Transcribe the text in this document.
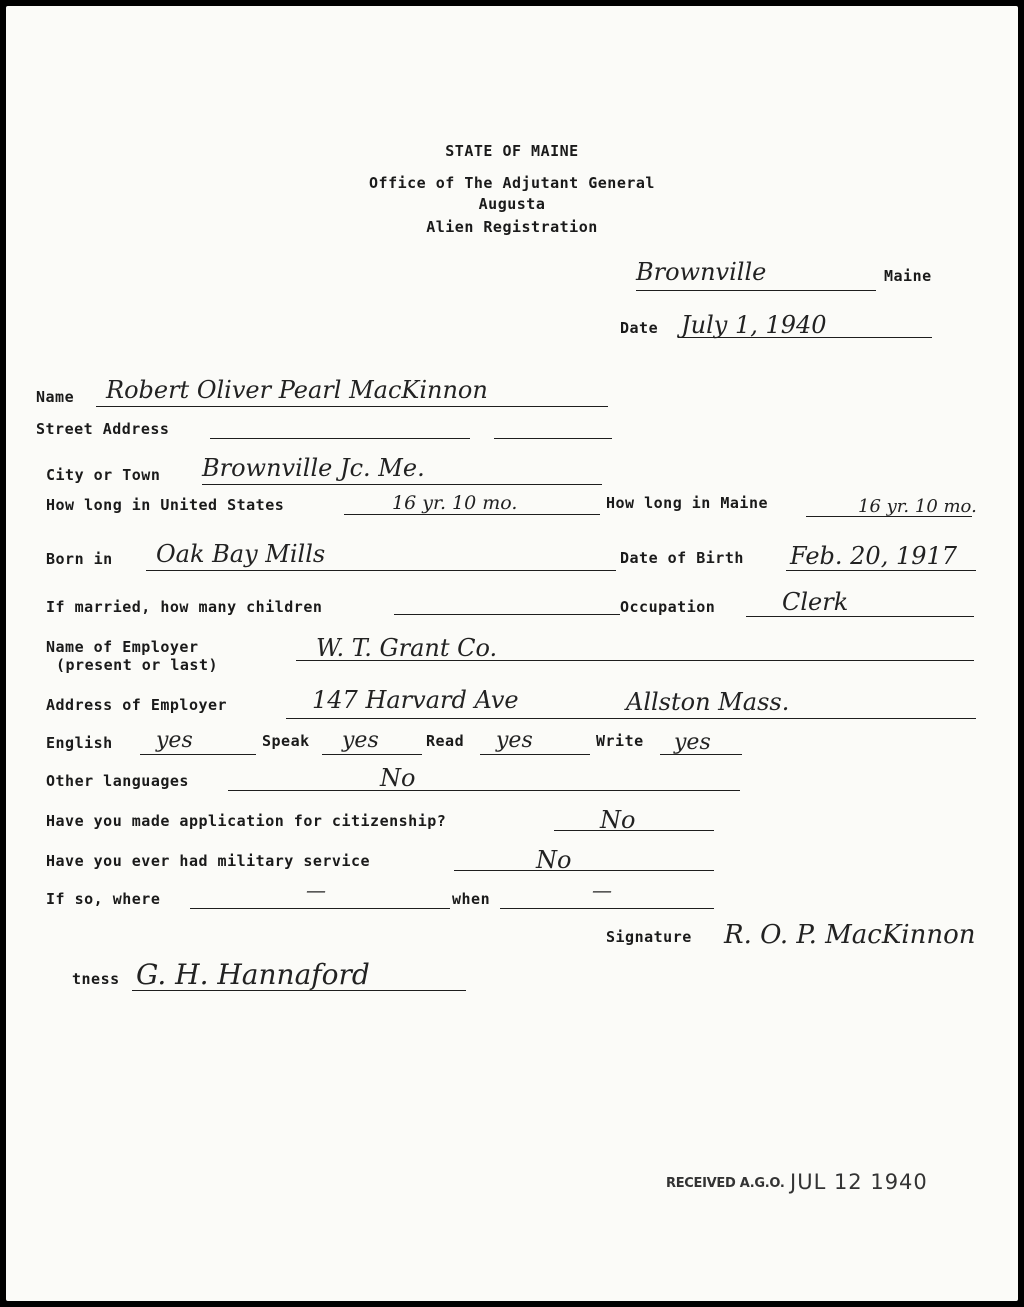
STATE OF MAINE
Office of The Adjutant General
Augusta
Alien Registration
Brownville	Maine
Date July 1, 1940
Name Robert Oliver Pearl MacKinnon
Street Address
City or Town Brownville Jc. Me.
How long in United States	16 yr. 10 mo.	How long in Maine	16 yr. 10 mo.
Born in Oak Bay Mills	Date of Birth Feb. 20, 1917
If married, how many children	Occupation	Clerk
Name of Employer
(present or last)
W. T. Grant Co.
Address of Employer	147 Harvard Ave	Allston Mass.
English yes	Speak yes	Read yes	Write yes
Other languages	No
Have you made application for citizenship?	No
Have you ever had military service	No
If so, where	—	when	—
Signature R. O. P. MacKinnon
tness G. H. Hannaford
RECEIVED A.G.O. JUL 12 1940
